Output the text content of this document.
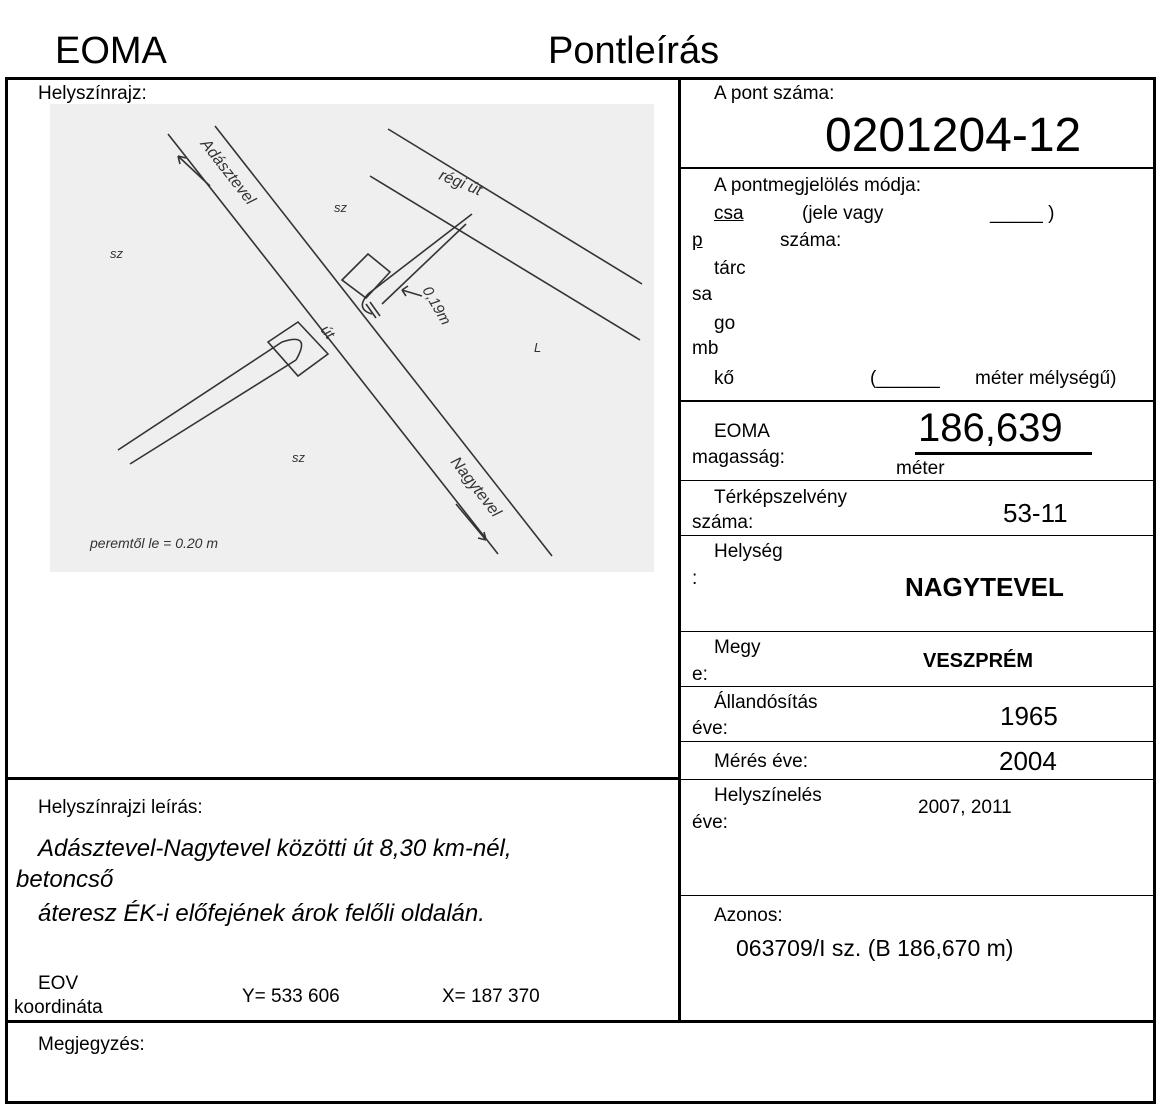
EOMA	Pontleírás
Helyszínrajz:
Adásztevel
Nagytevel
régi út
út
0,19m
sz
sz
sz
L
peremtől le = 0.20 m
Helyszínrajzi leírás:
Adásztevel-Nagytevel közötti út 8,30 km-nél,
betoncső
áteresz ÉK-i előfejének árok felőli oldalán.
EOV
koordináta
Y= 533 606	X= 187 370
Megjegyzés:
A pont száma:
0201204-12
A pontmegjelölés módja:
csa
p
(jele vagy
száma:
_____ )
tárc
sa
go
mb
kő	(______ méter mélységű)
EOMA
magasság:
186,639
méter
Térképszelvény
száma:	53-11
Helység
:	NAGYTEVEL
Megy
e:
VESZPRÉM
Állandósítás
éve:	1965
Mérés éve:	2004
Helyszínelés
éve:
2007, 2011
Azonos:
063709/I sz. (B 186,670 m)
